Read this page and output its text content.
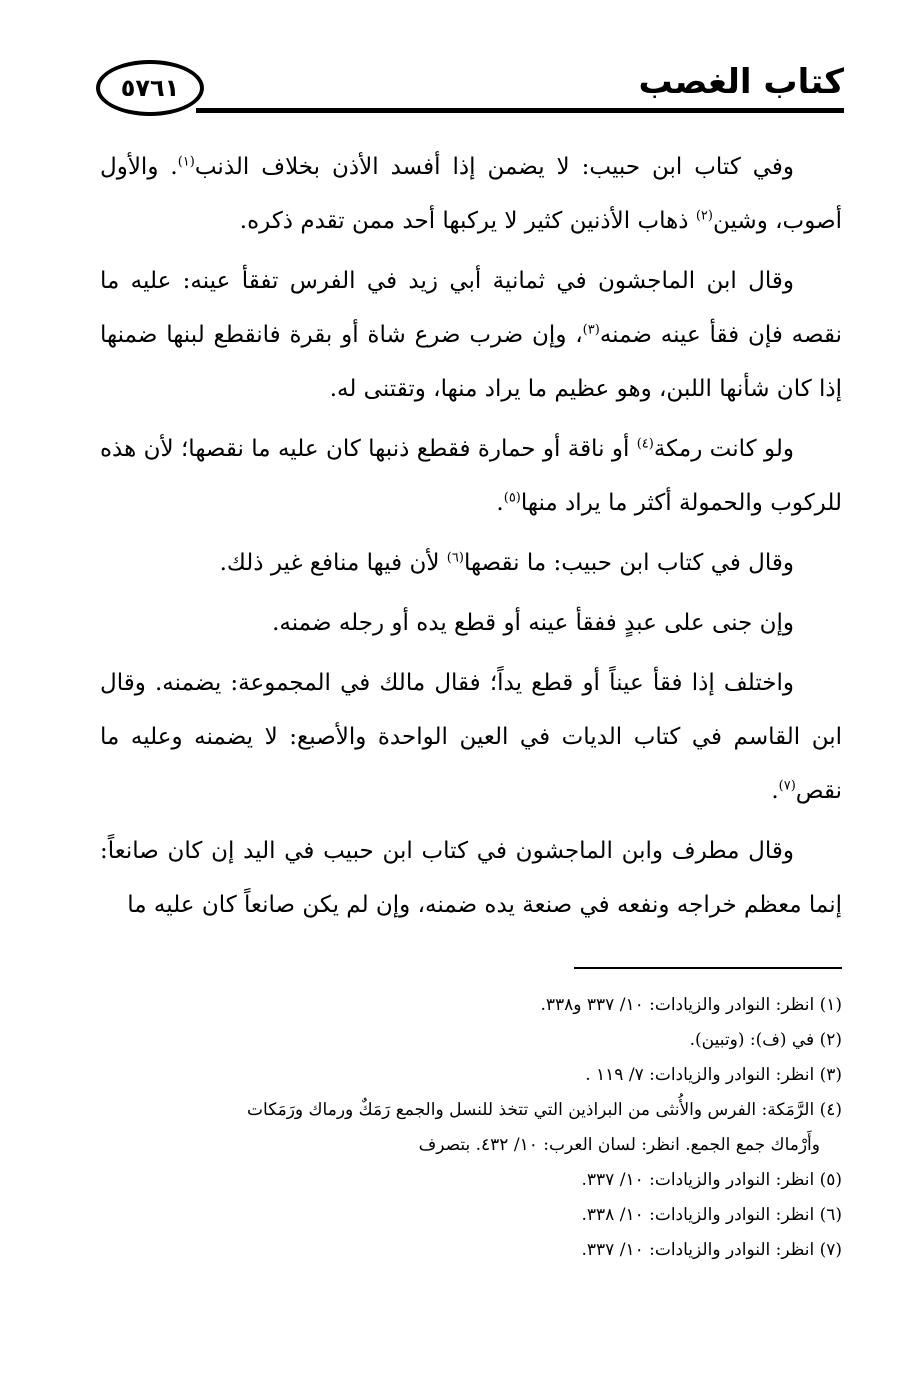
كتاب الغصب
٥٧٦١

وفي كتاب ابن حبيب: لا يضمن إذا أفسد الأذن بخلاف الذنب$^{(١)}$. والأول أصوب، وشين$^{(٢)}$ ذهاب الأذنين كثير لا يركبها أحد ممن تقدم ذكره.

وقال ابن الماجشون في ثمانية أبي زيد في الفرس تفقأ عينه: عليه ما نقصه فإن فقأ عينه ضمنه$^{(٣)}$، وإن ضرب ضرع شاة أو بقرة فانقطع لبنها ضمنها إذا كان شأنها اللبن، وهو عظيم ما يراد منها، وتقتنى له.

ولو كانت رمكة$^{(٤)}$ أو ناقة أو حمارة فقطع ذنبها كان عليه ما نقصها؛ لأن هذه للركوب والحمولة أكثر ما يراد منها$^{(٥)}$.

وقال في كتاب ابن حبيب: ما نقصها$^{(٦)}$ لأن فيها منافع غير ذلك.

وإن جنى على عبدٍ ففقأ عينه أو قطع يده أو رجله ضمنه.

واختلف إذا فقأ عيناً أو قطع يداً؛ فقال مالك في المجموعة: يضمنه. وقال ابن القاسم في كتاب الديات في العين الواحدة والأصبع: لا يضمنه وعليه ما نقص$^{(٧)}$.

وقال مطرف وابن الماجشون في كتاب ابن حبيب في اليد إن كان صانعاً: إنما معظم خراجه ونفعه في صنعة يده ضمنه، وإن لم يكن صانعاً كان عليه ما

(١) انظر: النوادر والزيادات: ١٠/ ٣٣٧ و٣٣٨.

(٢) في (ف): (وتبين).

(٣) انظر: النوادر والزيادات: ٧/ ١١٩ .

(٤) الرَّمَكة: الفرس والأُنثى من البراذين التي تتخذ للنسل والجمع رَمَكٌ ورماك ورَمَكات
وأَرْماك جمع الجمع. انظر: لسان العرب: ١٠/ ٤٣٢. بتصرف

(٥) انظر: النوادر والزيادات: ١٠/ ٣٣٧.

(٦) انظر: النوادر والزيادات: ١٠/ ٣٣٨.

(٧) انظر: النوادر والزيادات: ١٠/ ٣٣٧.
